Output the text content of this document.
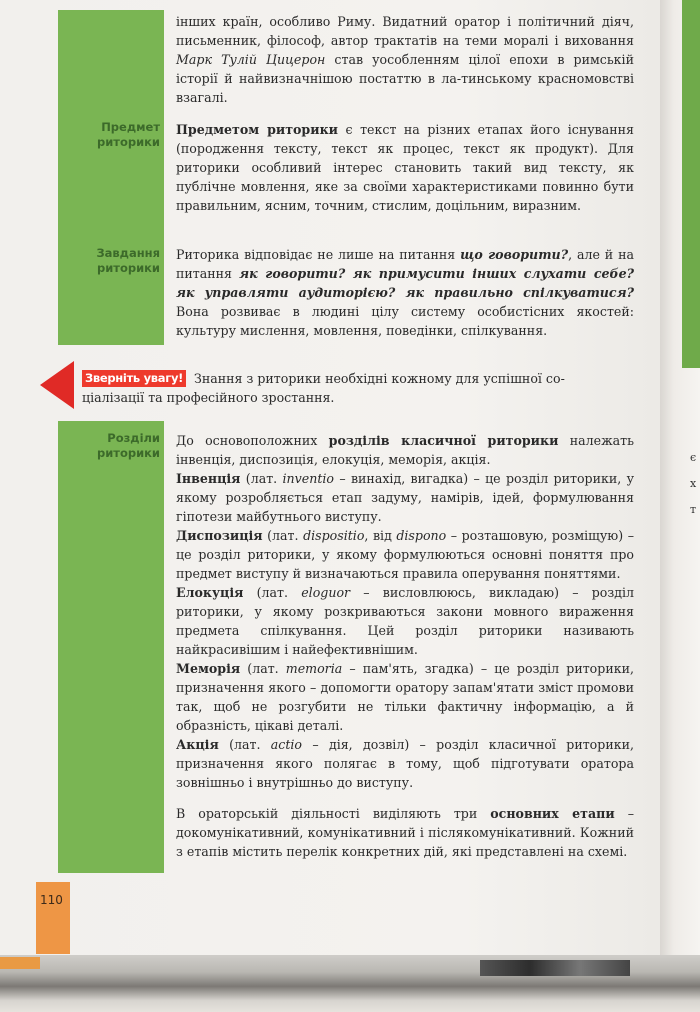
є
х
т
Предмет
риторики
Завдання
риторики
Розділи
риторики
110
інших країн, особливо Риму. Видатний оратор і політичний діяч, письменник, філософ, автор трактатів на теми моралі і виховання Марк Тулій Цицерон став уособленням цілої епохи в римській історії й найвизначнішою постаттю в ла-тинському красномовстві взагалі.
Предметом риторики є текст на різних етапах його існування (породження тексту, текст як процес, текст як продукт). Для риторики особливий інтерес становить такий вид тексту, як публічне мовлення, яке за своїми характеристиками повинно бути правильним, ясним, точним, стислим, доцільним, виразним.
Риторика відповідає не лише на питання що говорити?, але й на питання як говорити? як примусити інших слухати себе? як управляти аудиторією? як правильно спілкуватися? Вона розвиває в людині цілу систему особистісних якостей: культуру мислення, мовлення, поведінки, спілкування.
Зверніть увагу! Знання з риторики необхідні кожному для успішної со-
ціалізації та професійного зростання.
До основоположних розділів класичної риторики належать інвенція, диспозиція, елокуція, меморія, акція.
Інвенція (лат. inventio – винахід, вигадка) – це розділ риторики, у якому розробляється етап задуму, намірів, ідей, формулювання гіпотези майбутнього виступу.
Диспозиція (лат. dispositio, від dispono – розташовую, розміщую) – це розділ риторики, у якому формулюються основні поняття про предмет виступу й визначаються правила оперування поняттями.
Елокуція (лат. eloguor – висловлююсь, викладаю) – розділ риторики, у якому розкриваються закони мовного вираження предмета спілкування. Цей розділ риторики називають найкрасивішим і найефективнішим.
Меморія (лат. memoria – пам'ять, згадка) – це розділ риторики, призначення якого – допомогти оратору запам'ятати зміст промови так, щоб не розгубити не тільки фактичну інформацію, а й образність, цікаві деталі.
Акція (лат. actio – дія, дозвіл) – розділ класичної риторики, призначення якого полягає в тому, щоб підготувати оратора зовнішньо і внутрішньо до виступу.
В ораторській діяльності виділяють три основних етапи – докомунікативний, комунікативний і післякомунікативний. Кожний з етапів містить перелік конкретних дій, які представлені на схемі.
